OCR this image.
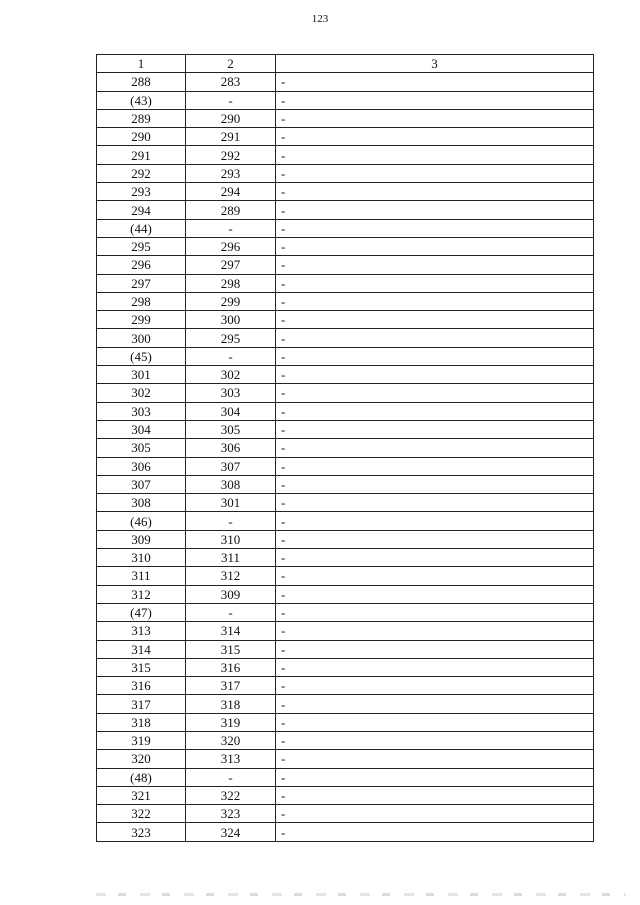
123
1	2	3
288	283	-
(43)	-	-
289	290	-
290	291	-
291	292	-
292	293	-
293	294	-
294	289	-
(44)	-	-
295	296	-
296	297	-
297	298	-
298	299	-
299	300	-
300	295	-
(45)	-	-
301	302	-
302	303	-
303	304	-
304	305	-
305	306	-
306	307	-
307	308	-
308	301	-
(46)	-	-
309	310	-
310	311	-
311	312	-
312	309	-
(47)	-	-
313	314	-
314	315	-
315	316	-
316	317	-
317	318	-
318	319	-
319	320	-
320	313	-
(48)	-	-
321	322	-
322	323	-
323	324	-
